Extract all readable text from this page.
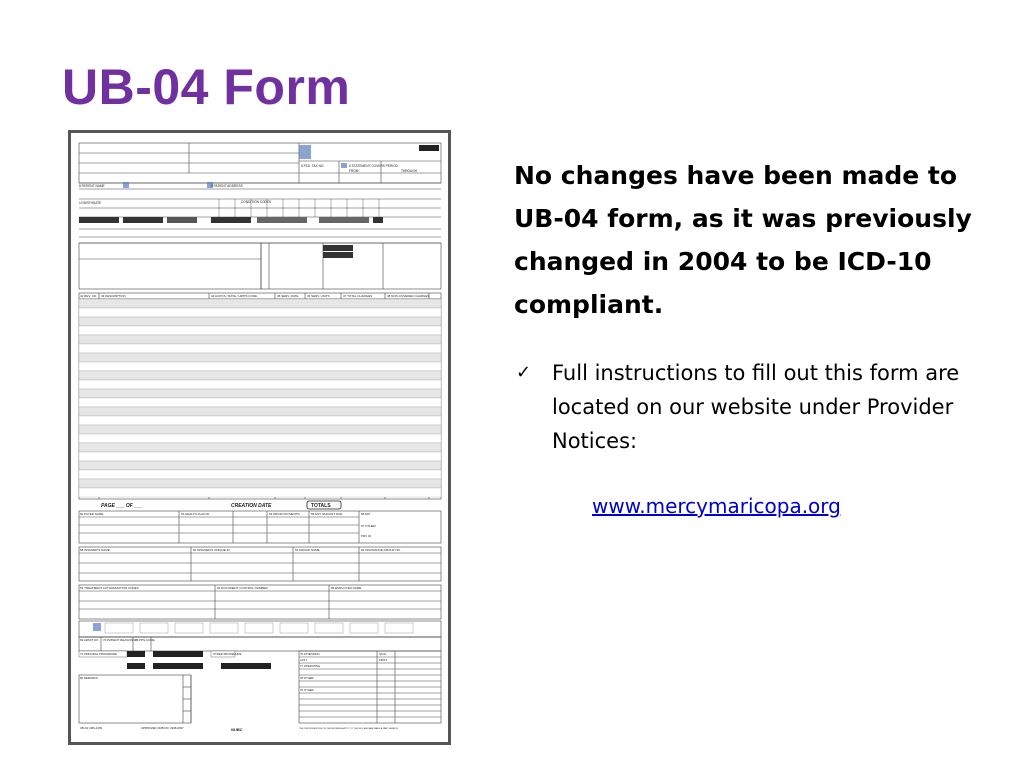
UB-04 Form
8 PATIENT NAME	9 PATIENT ADDRESS
5 FED. TAX NO.	6 STATEMENT COVERS PERIOD
FROM	THROUGH
10 BIRTHDATE	CONDITION CODES
42 REV. CD. 43 DESCRIPTION	44 HCPCS / RATE / HIPPS CODE	45 SERV. DATE	46 SERV. UNITS	47 TOTAL CHARGES	48 NON-COVERED CHARGES
PAGE ___ OF ___	CREATION DATE	TOTALS
50 PAYER NAME	51 HEALTH PLAN ID	54 PRIOR PAYMENTS	55 EST. AMOUNT DUE	56 NPI
57 OTHER
PRV ID
58 INSURED'S NAME	60 INSURED'S UNIQUE ID	61 GROUP NAME	62 INSURANCE GROUP NO.
63 TREATMENT AUTHORIZATION CODES	64 DOCUMENT CONTROL NUMBER	65 EMPLOYER NAME
69 ADMIT DX 70 PATIENT REASON DX
71 PPS CODE
74 PRINCIPAL PROCEDURE	OTHER PROCEDURE	76 ATTENDING
77 OPERATING
78 OTHER
79 OTHER
LAST	FIRST
QUAL
80 REMARKS
UB-04 CMS-1450	APPROVED OMB NO. 0938-0997	NUBC	THE CERTIFICATIONS ON THE REVERSE APPLY TO THIS BILL AND ARE MADE A PART HEREOF.
No changes have been made to UB-04 form, as it was previously changed in 2004 to be ICD-10 compliant.
✓ Full instructions to fill out this form are located on our website under Provider Notices:
www.mercymaricopa.org
